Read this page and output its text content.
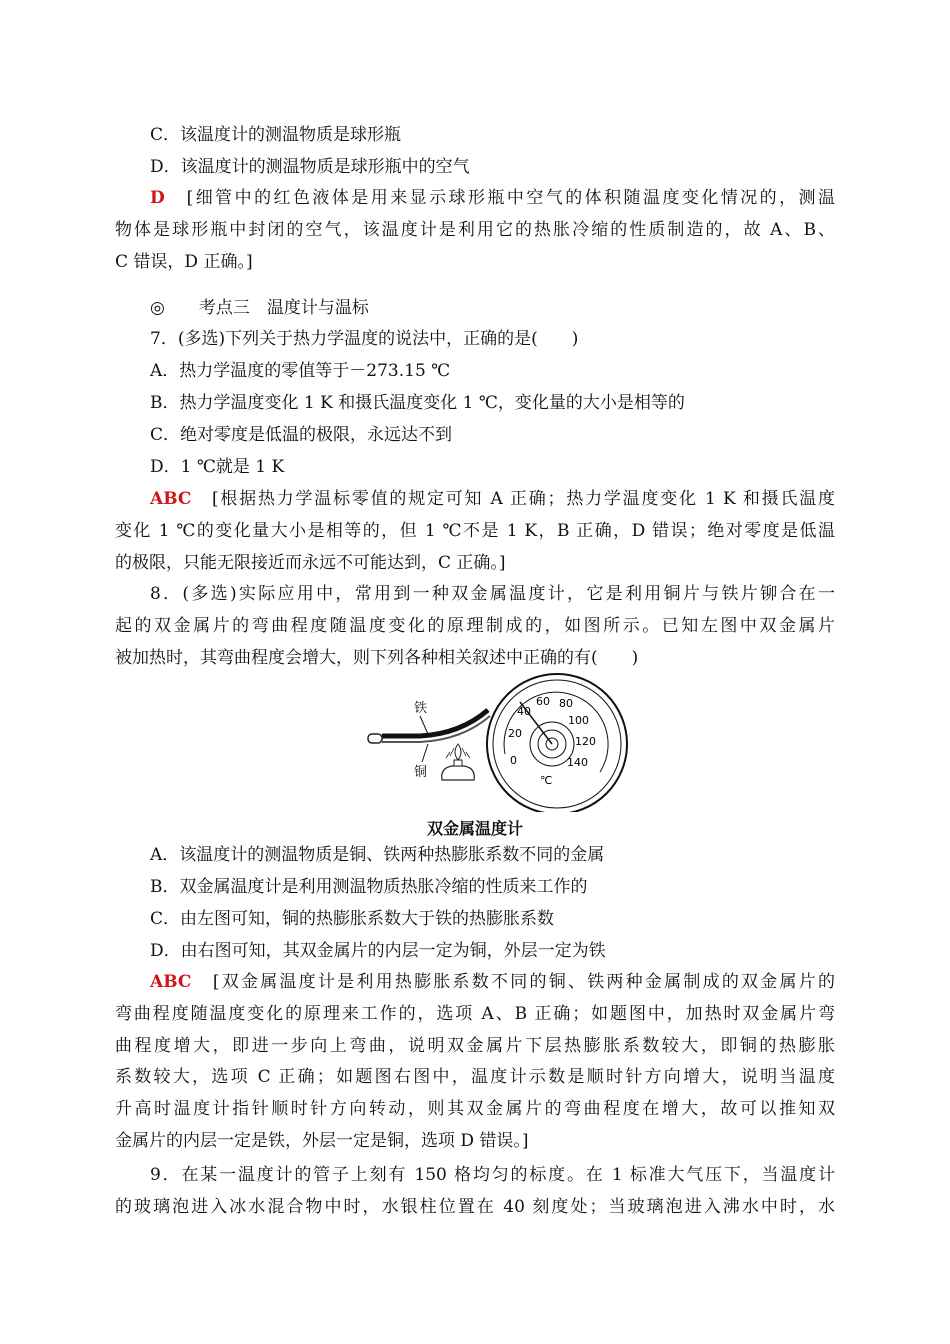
C．该温度计的测温物质是球形瓶
D．该温度计的测温物质是球形瓶中的空气
D　 [细管中的红色液体是用来显示球形瓶中空气的体积随温度变化情况的，测温
物体是球形瓶中封闭的空气，该温度计是利用它的热胀冷缩的性质制造的，故 A、B、
C 错误，D 正确。]
◎　　 考点三　温度计与温标
7．(多选)下列关于热力学温度的说法中，正确的是(　　)
A．热力学温度的零值等于－273.15 ℃
B．热力学温度变化 1 K 和摄氏温度变化 1 ℃，变化量的大小是相等的
C．绝对零度是低温的极限，永远达不到
D．1 ℃就是 1 K
ABC　 [根据热力学温标零值的规定可知 A 正确；热力学温度变化 1 K 和摄氏温度
变化 1 ℃的变化量大小是相等的，但 1 ℃不是 1 K，B 正确，D 错误；绝对零度是低温
的极限，只能无限接近而永远不可能达到，C 正确。]
8．(多选)实际应用中，常用到一种双金属温度计，它是利用铜片与铁片铆合在一
起的双金属片的弯曲程度随温度变化的原理制成的，如图所示。已知左图中双金属片
被加热时，其弯曲程度会增大，则下列各种相关叙述中正确的有(　　)
铁
铜
0
20
40
60 80
100
120
140
℃
双金属温度计
A．该温度计的测温物质是铜、铁两种热膨胀系数不同的金属
B．双金属温度计是利用测温物质热胀冷缩的性质来工作的
C．由左图可知，铜的热膨胀系数大于铁的热膨胀系数
D．由右图可知，其双金属片的内层一定为铜，外层一定为铁
ABC　 [双金属温度计是利用热膨胀系数不同的铜、铁两种金属制成的双金属片的
弯曲程度随温度变化的原理来工作的，选项 A、B 正确；如题图中，加热时双金属片弯
曲程度增大，即进一步向上弯曲，说明双金属片下层热膨胀系数较大，即铜的热膨胀
系数较大，选项 C 正确；如题图右图中，温度计示数是顺时针方向增大，说明当温度
升高时温度计指针顺时针方向转动，则其双金属片的弯曲程度在增大，故可以推知双
金属片的内层一定是铁，外层一定是铜，选项 D 错误。]
9．在某一温度计的管子上刻有 150 格均匀的标度。在 1 标准大气压下，当温度计
的玻璃泡进入冰水混合物中时，水银柱位置在 40 刻度处；当玻璃泡进入沸水中时，水
